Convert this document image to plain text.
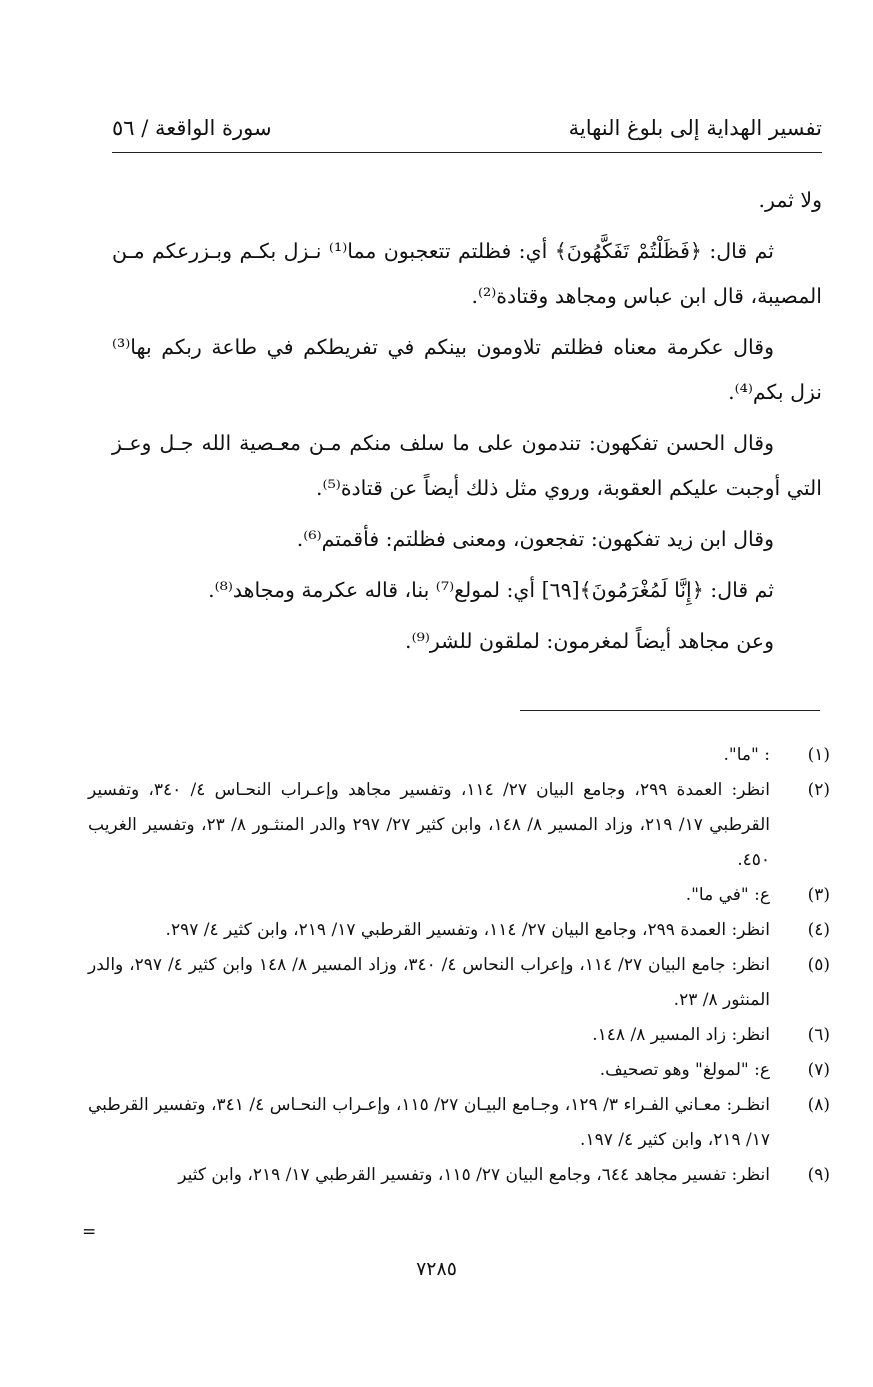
تفسير الهداية إلى بلوغ النهاية
سورة الواقعة / ٥٦

ولا ثمر.

ثم قال: ﴿فَظَلْتُمْ تَفَكَّهُونَ﴾ أي: فظلتم تتعجبون مما⁽¹⁾ نـزل بكـم وبـزرعكم مـن المصيبة، قال ابن عباس ومجاهد وقتادة⁽²⁾.

وقال عكرمة معناه فظلتم تلاومون بينكم في تفريطكم في طاعة ربكم بها⁽³⁾ نزل بكم⁽⁴⁾.

وقال الحسن تفكهون: تندمون على ما سلف منكم مـن معـصية الله جـل وعـز التي أوجبت عليكم العقوبة، وروي مثل ذلك أيضاً عن قتادة⁽⁵⁾.

وقال ابن زيد تفكهون: تفجعون، ومعنى فظلتم: فأقمتم⁽⁶⁾.

ثم قال: ﴿إِنَّا لَمُغْرَمُونَ﴾[٦٩] أي: لمولع⁽⁷⁾ بنا، قاله عكرمة ومجاهد⁽⁸⁾.

وعن مجاهد أيضاً لمغرمون: لملقون للشر⁽⁹⁾.

(١)
: "ما".
(٢)
انظر: العمدة ٢٩٩، وجامع البيان ٢٧/ ١١٤، وتفسير مجاهد وإعـراب النحـاس ٤/ ٣٤٠، وتفسير القرطبي ١٧/ ٢١٩، وزاد المسير ٨/ ١٤٨، وابن كثير ٢٧/ ٢٩٧ والدر المنثـور ٨/ ٢٣، وتفسير الغريب ٤٥٠.
(٣)
ع: "في ما".
(٤)
انظر: العمدة ٢٩٩، وجامع البيان ٢٧/ ١١٤، وتفسير القرطبي ١٧/ ٢١٩، وابن كثير ٤/ ٢٩٧.
(٥)
انظر: جامع البيان ٢٧/ ١١٤، وإعراب النحاس ٤/ ٣٤٠، وزاد المسير ٨/ ١٤٨ وابن كثير ٤/ ٢٩٧، والدر المنثور ٨/ ٢٣.
(٦)
انظر: زاد المسير ٨/ ١٤٨.
(٧)
ع: "لمولغ" وهو تصحيف.
(٨)
انظـر: معـاني الفـراء ٣/ ١٢٩، وجـامع البيـان ٢٧/ ١١٥، وإعـراب النحـاس ٤/ ٣٤١، وتفسير القرطبي ١٧/ ٢١٩، وابن كثير ٤/ ١٩٧.
(٩)
انظر: تفسير مجاهد ٦٤٤، وجامع البيان ٢٧/ ١١٥، وتفسير القرطبي ١٧/ ٢١٩، وابن كثير
=
٧٢٨٥
